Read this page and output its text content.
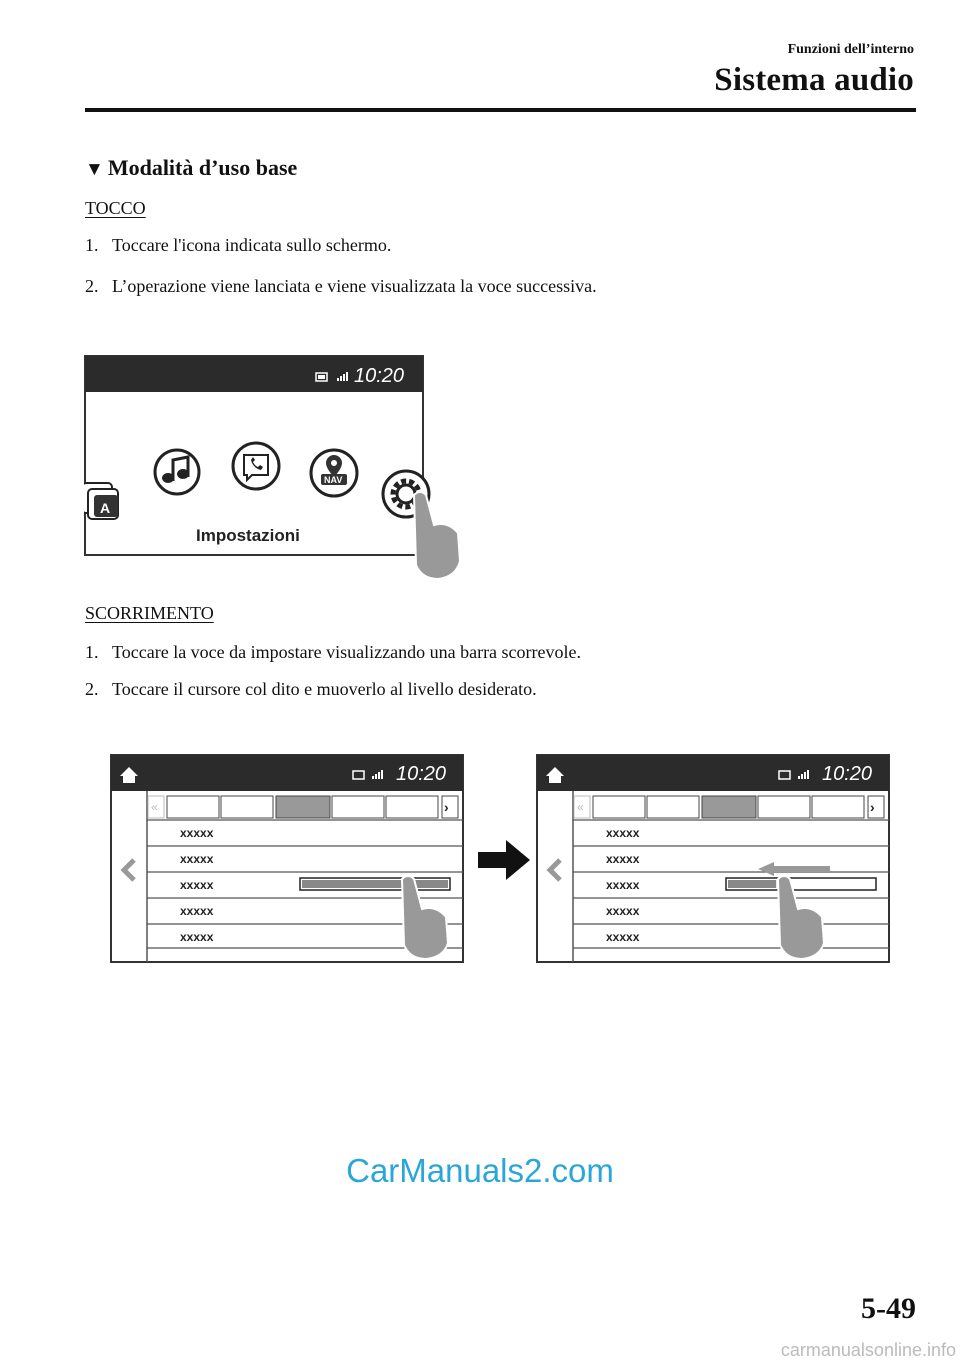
Funzioni dell’interno
Sistema audio
▼ Modalità d’uso base
TOCCO
1. Toccare l'icona indicata sullo schermo.
2. L’operazione viene lanciata e viene visualizzata la voce successiva.
10:20
A
NAV
Impostazioni
SCORRIMENTO
1. Toccare la voce da impostare visualizzando una barra scorrevole.
2. Toccare il cursore col dito e muoverlo al livello desiderato.
10:20
«	›
xxxxx
xxxxx
xxxxx
xxxxx
xxxxx
10:20
«	›
xxxxx
xxxxx
xxxxx
xxxxx
xxxxx
CarManuals2.com
5-49
carmanualsonline.info
